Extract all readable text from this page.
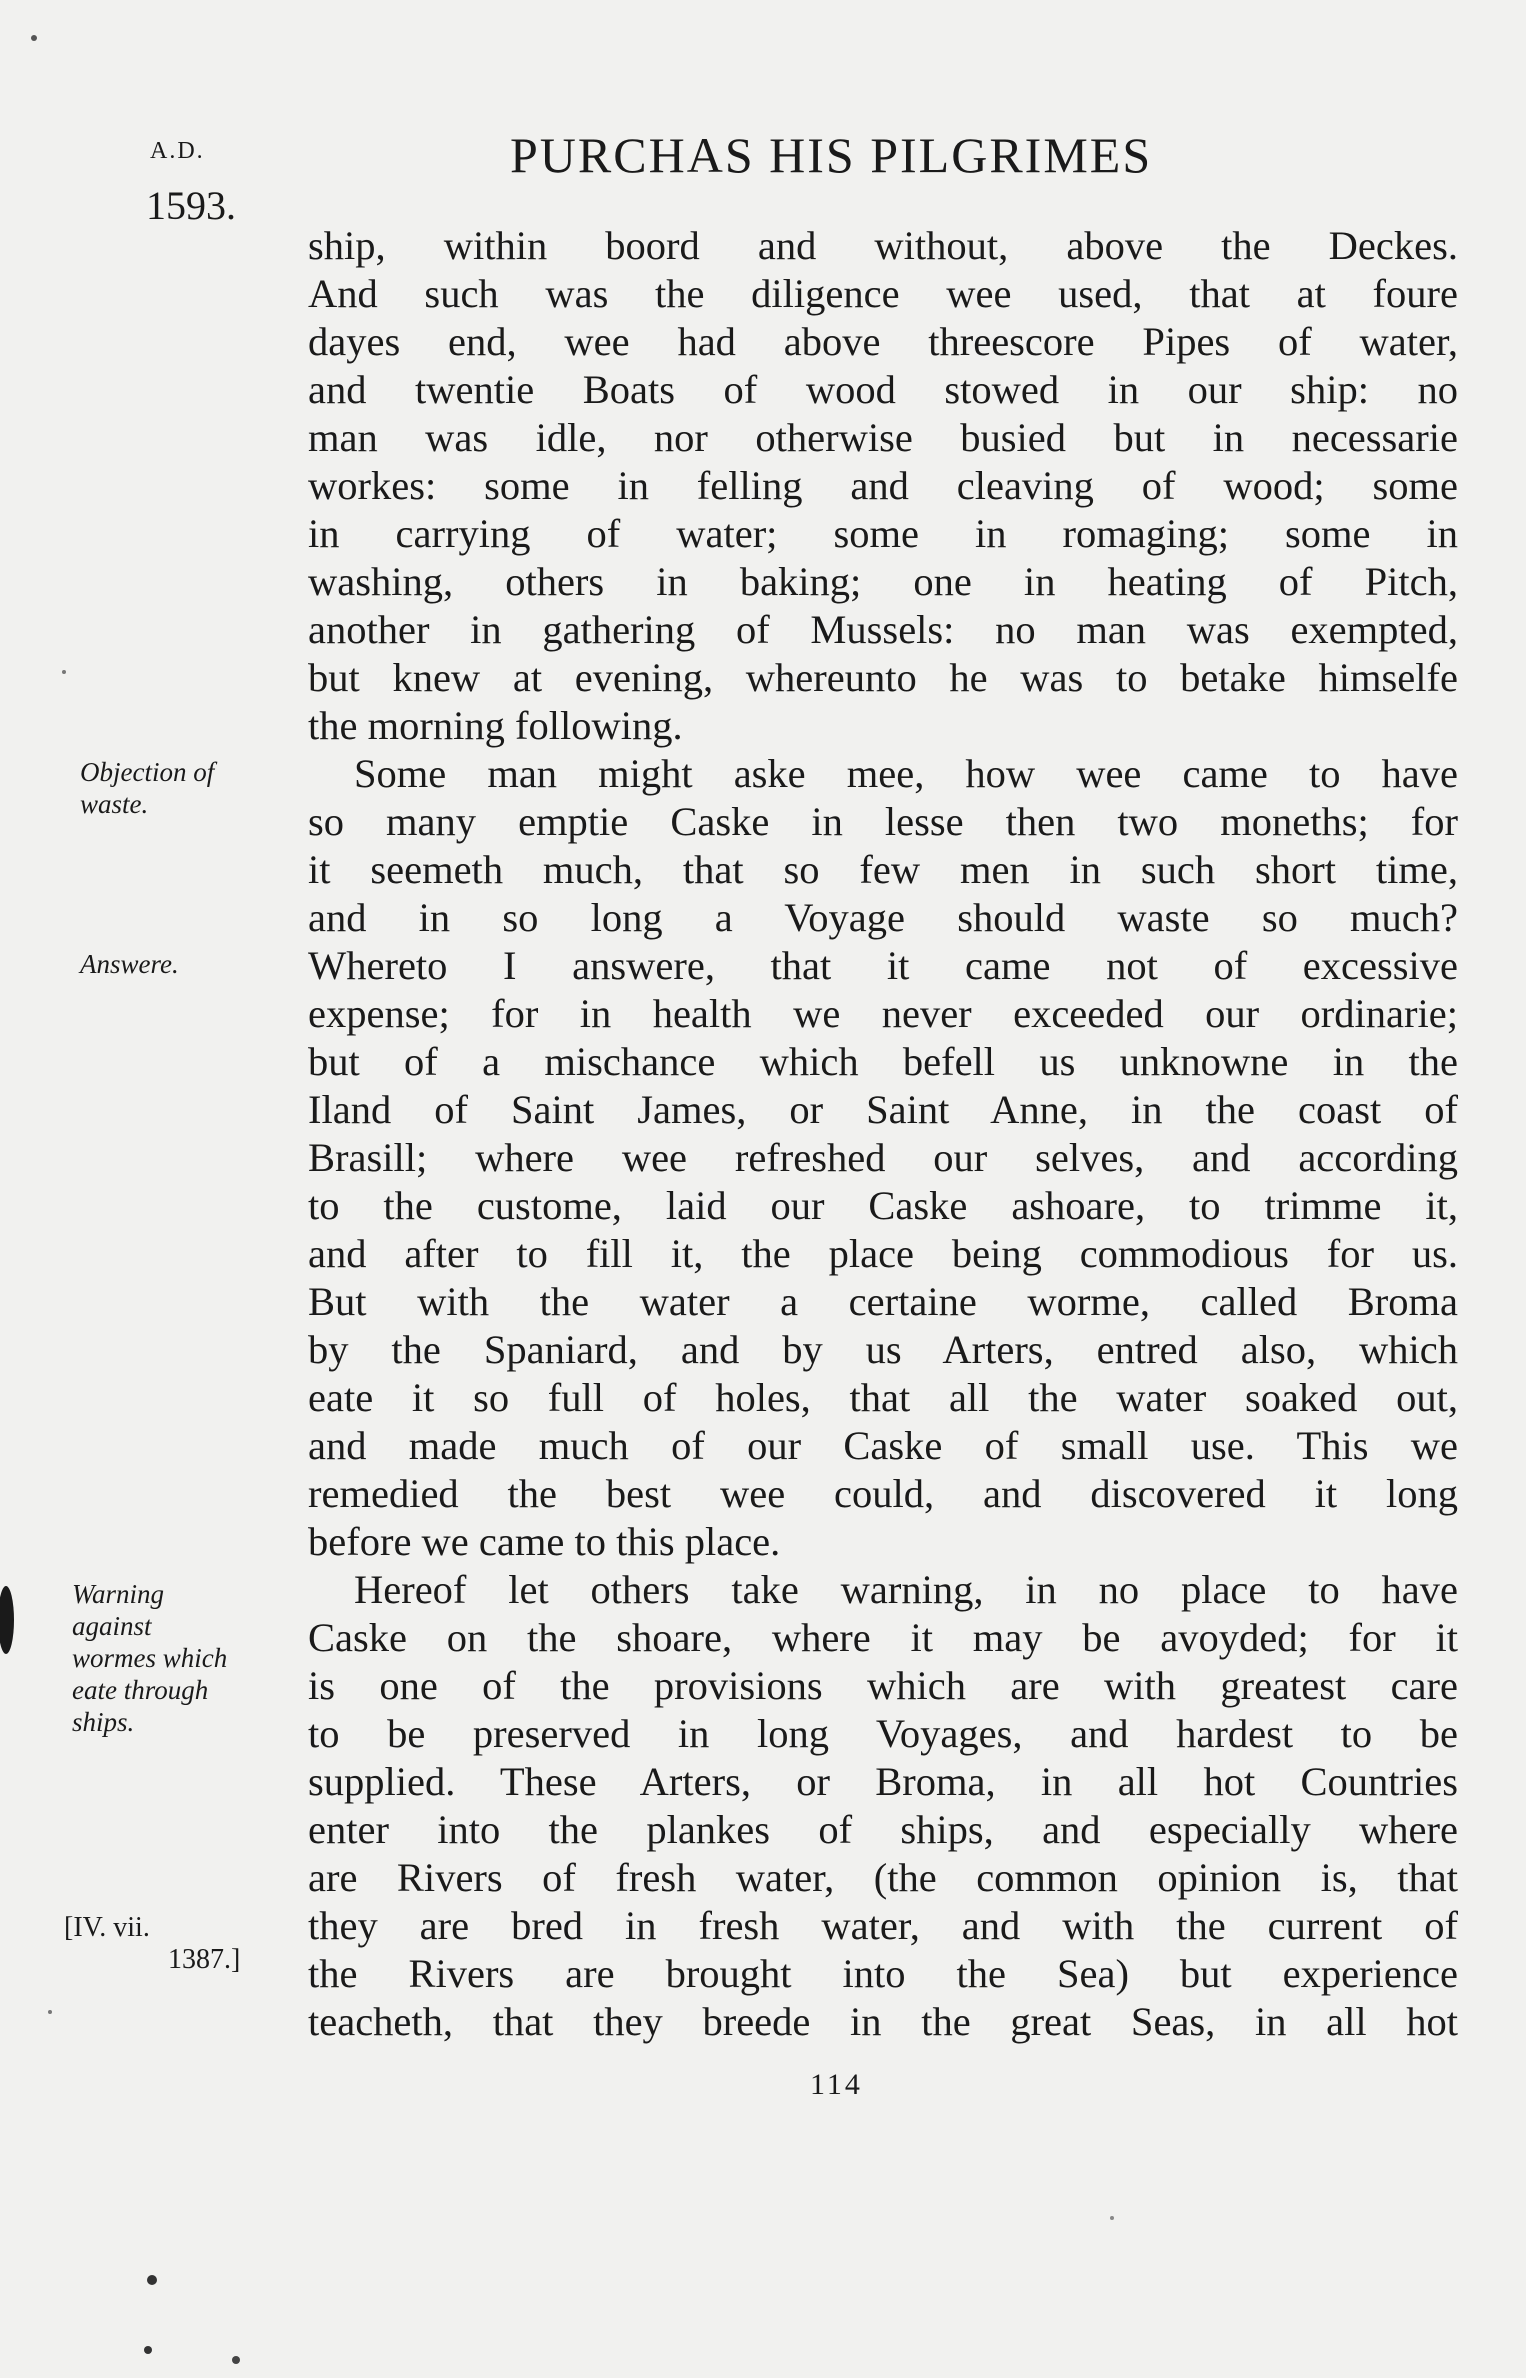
A.D.
1593.
PURCHAS HIS PILGRIMES
Objection of
waste.
Answere.
Warning
against
wormes which
eate through
ships.
[IV. vii.
1387.]
ship, within boord and without, above the Deckes.
And such was the diligence wee used, that at foure
dayes end, wee had above threescore Pipes of water,
and twentie Boats of wood stowed in our ship: no
man was idle, nor otherwise busied but in necessarie
workes: some in felling and cleaving of wood; some
in carrying of water; some in romaging; some in
washing, others in baking; one in heating of Pitch,
another in gathering of Mussels: no man was exempted,
but knew at evening, whereunto he was to betake himselfe
the morning following.
Some man might aske mee, how wee came to have
so many emptie Caske in lesse then two moneths; for
it seemeth much, that so few men in such short time,
and in so long a Voyage should waste so much?
Whereto I answere, that it came not of excessive
expense; for in health we never exceeded our ordinarie;
but of a mischance which befell us unknowne in the
Iland of Saint James, or Saint Anne, in the coast of
Brasill; where wee refreshed our selves, and according
to the custome, laid our Caske ashoare, to trimme it,
and after to fill it, the place being commodious for us.
But with the water a certaine worme, called Broma
by the Spaniard, and by us Arters, entred also, which
eate it so full of holes, that all the water soaked out,
and made much of our Caske of small use. This we
remedied the best wee could, and discovered it long
before we came to this place.
Hereof let others take warning, in no place to have
Caske on the shoare, where it may be avoyded; for it
is one of the provisions which are with greatest care
to be preserved in long Voyages, and hardest to be
supplied. These Arters, or Broma, in all hot Countries
enter into the plankes of ships, and especially where
are Rivers of fresh water, (the common opinion is, that
they are bred in fresh water, and with the current of
the Rivers are brought into the Sea) but experience
teacheth, that they breede in the great Seas, in all hot
114
